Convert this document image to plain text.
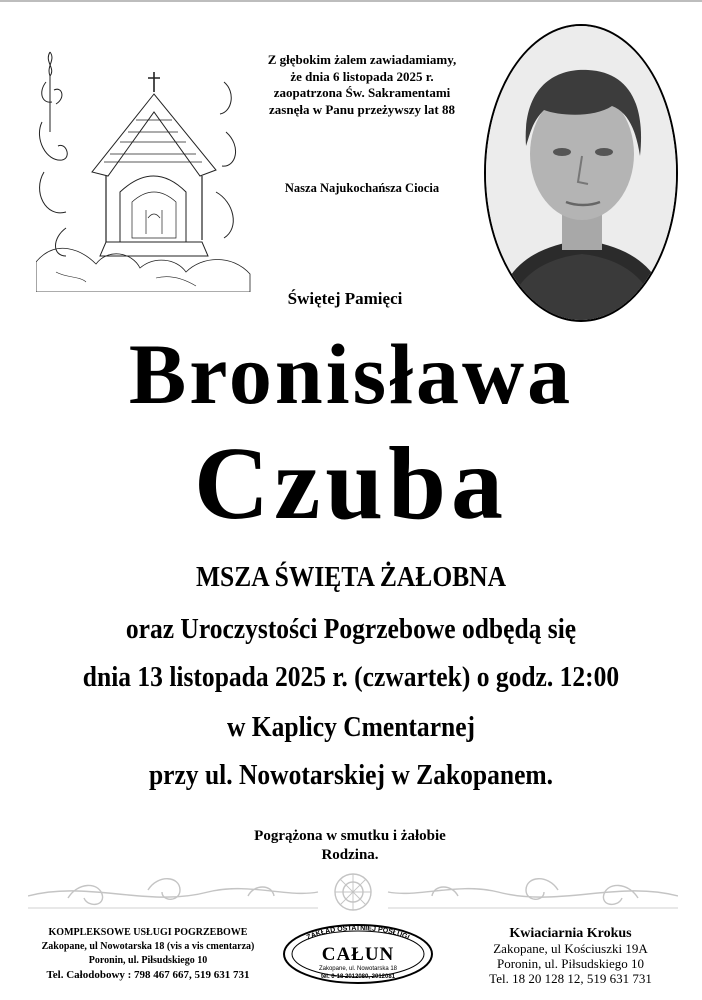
Z głębokim żalem zawiadamiamy,
że dnia 6 listopada 2025 r.
zaopatrzona Św. Sakramentami
zasnęła w Panu przeżywszy lat 88
Nasza Najukochańsza Ciocia
Świętej Pamięci
Bronisława
Czuba
MSZA ŚWIĘTA ŻAŁOBNA
oraz Uroczystości Pogrzebowe odbędą się
dnia 13 listopada 2025 r. (czwartek) o godz. 12:00
w Kaplicy Cmentarnej
przy ul. Nowotarskiej w Zakopanem.
Pogrążona w smutku i żałobie
Rodzina.
KOMPLEKSOWE USŁUGI POGRZEBOWE
Zakopane, ul Nowotarska 18 (vis a vis cmentarza)
Poronin, ul. Piłsudskiego 10
Tel. Całodobowy : 798 467 667, 519 631 731
ZAKŁAD OSTATNIEJ POSŁUGI
CAŁUN
Zakopane, ul. Nowotarska 18
tel. 0-18 2012080, 2012081
Kwiaciarnia Krokus
Zakopane, ul Kościuszki 19A
Poronin, ul. Piłsudskiego 10
Tel. 18 20 128 12, 519 631 731
